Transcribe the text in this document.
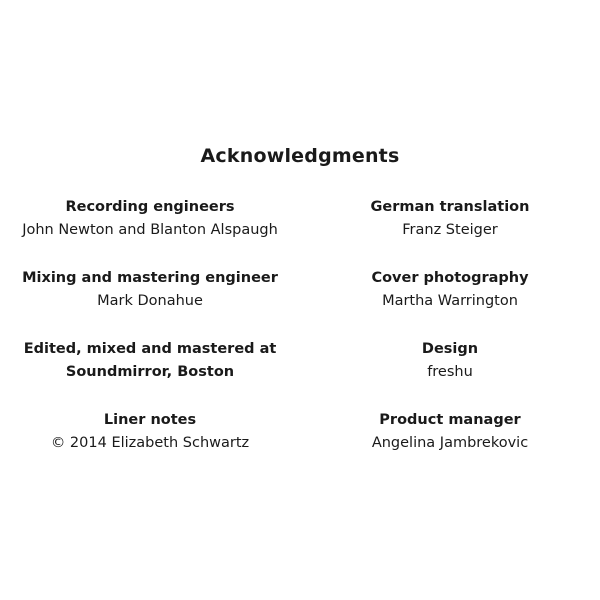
Acknowledgments
Recording engineers
John Newton and Blanton Alspaugh
Mixing and mastering engineer
Mark Donahue
Edited, mixed and mastered at
Soundmirror, Boston
Liner notes
© 2014 Elizabeth Schwartz
German translation
Franz Steiger
Cover photography
Martha Warrington
Design
freshu
Product manager
Angelina Jambrekovic
